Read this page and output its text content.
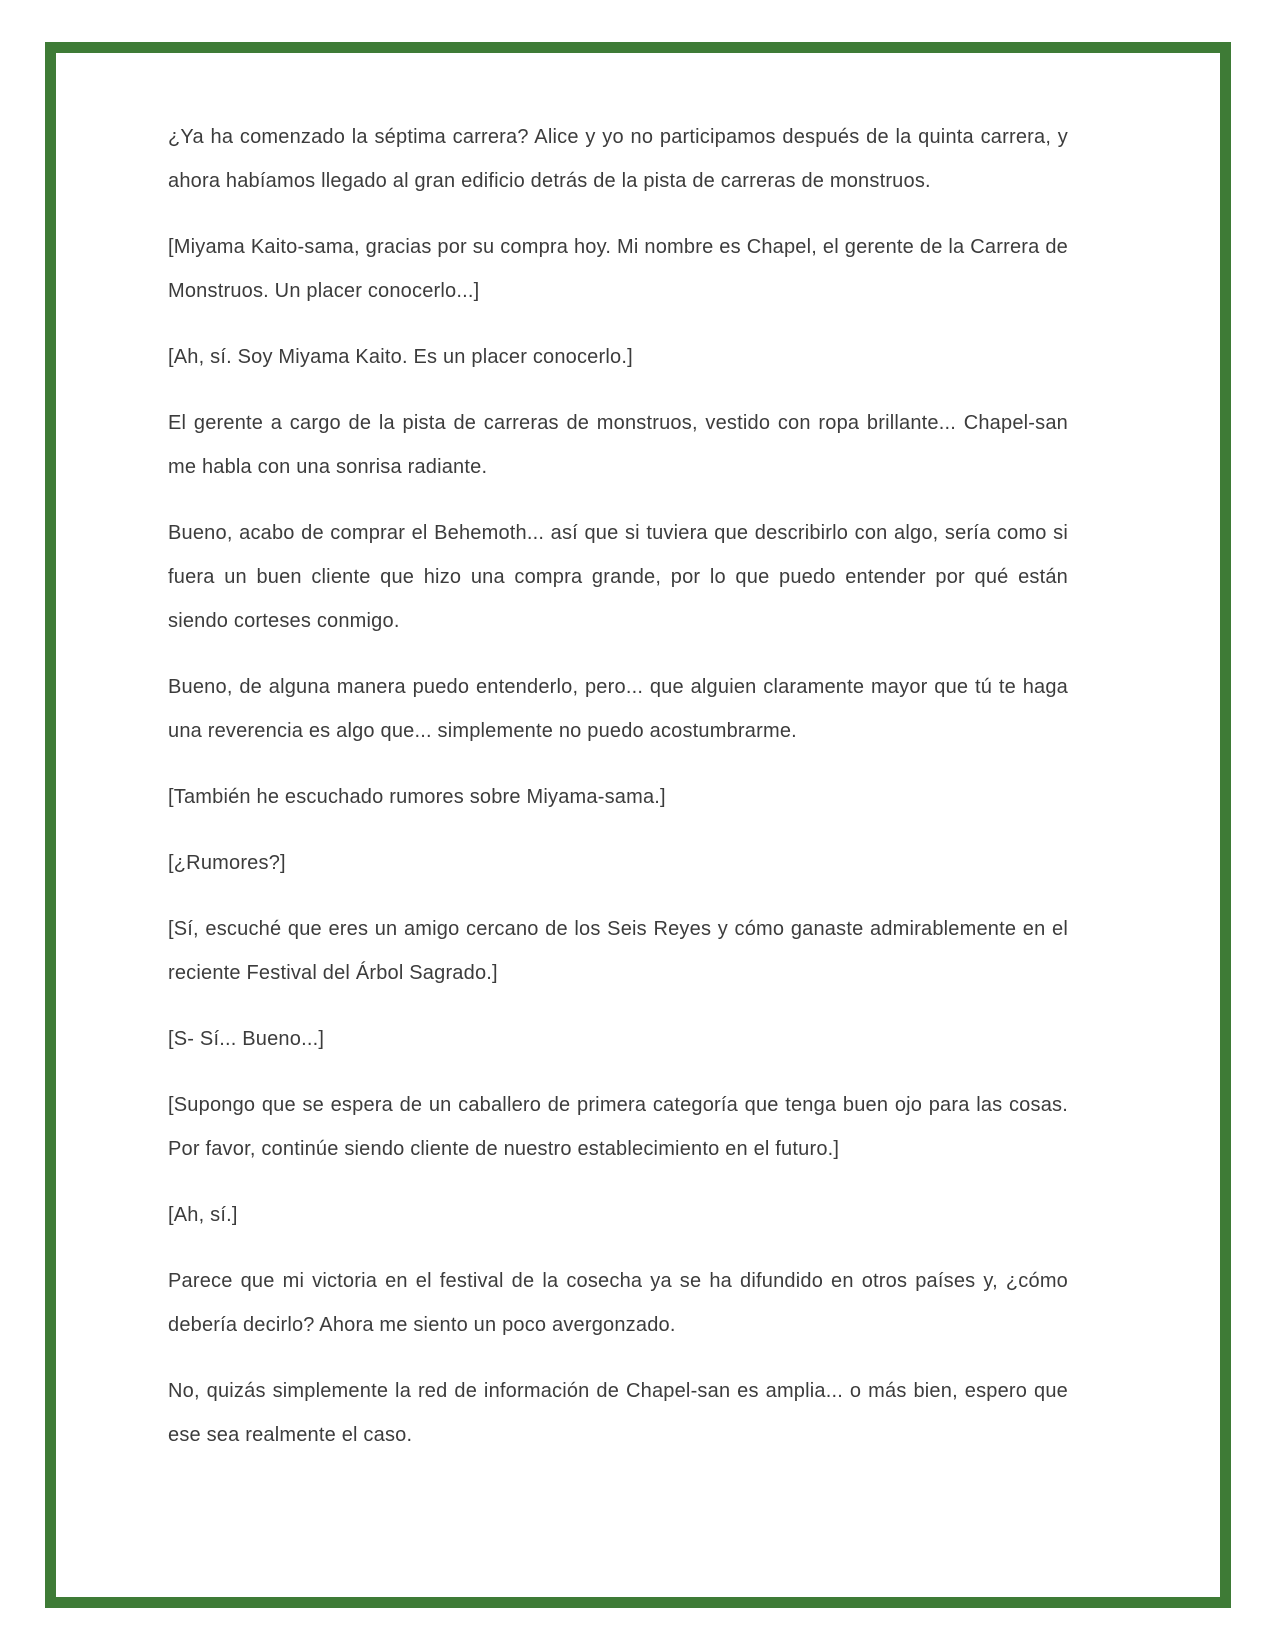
¿Ya ha comenzado la séptima carrera? Alice y yo no participamos después de la quinta carrera, y ahora habíamos llegado al gran edificio detrás de la pista de carreras de monstruos.

[Miyama Kaito-sama, gracias por su compra hoy. Mi nombre es Chapel, el gerente de la Carrera de Monstruos. Un placer conocerlo...]

[Ah, sí. Soy Miyama Kaito. Es un placer conocerlo.]

El gerente a cargo de la pista de carreras de monstruos, vestido con ropa brillante... Chapel-san me habla con una sonrisa radiante.

Bueno, acabo de comprar el Behemoth... así que si tuviera que describirlo con algo, sería como si fuera un buen cliente que hizo una compra grande, por lo que puedo entender por qué están siendo corteses conmigo.

Bueno, de alguna manera puedo entenderlo, pero... que alguien claramente mayor que tú te haga una reverencia es algo que... simplemente no puedo acostumbrarme.

[También he escuchado rumores sobre Miyama-sama.]

[¿Rumores?]

[Sí, escuché que eres un amigo cercano de los Seis Reyes y cómo ganaste admirablemente en el reciente Festival del Árbol Sagrado.]

[S- Sí... Bueno...]

[Supongo que se espera de un caballero de primera categoría que tenga buen ojo para las cosas. Por favor, continúe siendo cliente de nuestro establecimiento en el futuro.]

[Ah, sí.]

Parece que mi victoria en el festival de la cosecha ya se ha difundido en otros países y, ¿cómo debería decirlo? Ahora me siento un poco avergonzado.

No, quizás simplemente la red de información de Chapel-san es amplia... o más bien, espero que ese sea realmente el caso.
